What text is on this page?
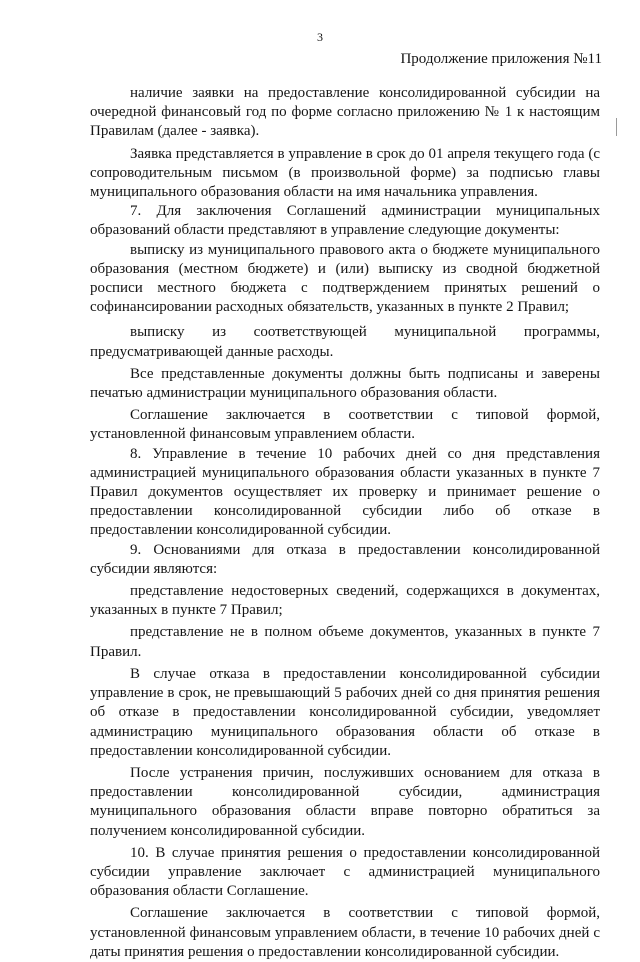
3
Продолжение приложения №11

наличие заявки на предоставление консолидированной субсидии на очередной финансовый год по форме согласно приложению № 1 к настоящим Правилам (далее - заявка).

Заявка представляется в управление в срок до 01 апреля текущего года (с сопроводительным письмом (в произвольной форме) за подписью главы муниципального образования области на имя начальника управления.

7. Для заключения Соглашений администрации муниципальных образований области представляют в управление следующие документы:

выписку из муниципального правового акта о бюджете муниципального образования (местном бюджете) и (или) выписку из сводной бюджетной росписи местного бюджета с подтверждением принятых решений о софинансировании расходных обязательств, указанных в пункте 2 Правил;

выписку из соответствующей муниципальной программы, предусматривающей данные расходы.

Все представленные документы должны быть подписаны и заверены печатью администрации муниципального образования области.

Соглашение заключается в соответствии с типовой формой, установленной финансовым управлением области.

8. Управление в течение 10 рабочих дней со дня представления администрацией муниципального образования области указанных в пункте 7 Правил документов осуществляет их проверку и принимает решение о предоставлении консолидированной субсидии либо об отказе в предоставлении консолидированной субсидии.

9. Основаниями для отказа в предоставлении консолидированной субсидии являются:

представление недостоверных сведений, содержащихся в документах, указанных в пункте 7 Правил;

представление не в полном объеме документов, указанных в пункте 7 Правил.

В случае отказа в предоставлении консолидированной субсидии управление в срок, не превышающий 5 рабочих дней со дня принятия решения об отказе в предоставлении консолидированной субсидии, уведомляет администрацию муниципального образования области об отказе в предоставлении консолидированной субсидии.

После устранения причин, послуживших основанием для отказа в предоставлении консолидированной субсидии, администрация муниципального образования области вправе повторно обратиться за получением консолидированной субсидии.

10. В случае принятия решения о предоставлении консолидированной субсидии управление заключает с администрацией муниципального образования области Соглашение.

Соглашение заключается в соответствии с типовой формой, установленной финансовым управлением области, в течение 10 рабочих дней с даты принятия решения о предоставлении консолидированной субсидии.
